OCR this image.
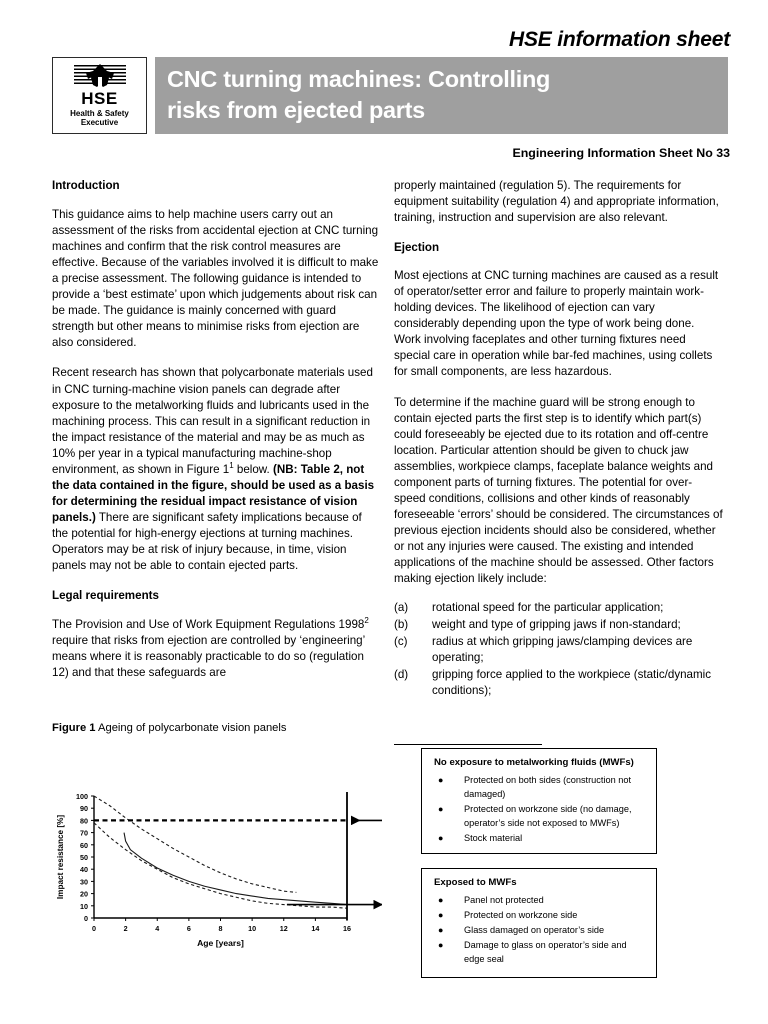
HSE information sheet
HSE
Health & Safety
Executive
CNC turning machines: Controlling
risks from ejected parts
Engineering Information Sheet No 33
Introduction

This guidance aims to help machine users carry out an assessment of the risks from accidental ejection at CNC turning machines and confirm that the risk control measures are effective. Because of the variables involved it is difficult to make a precise assessment. The following guidance is intended to provide a ‘best estimate’ upon which judgements about risk can be made. The guidance is mainly concerned with guard strength but other means to minimise risks from ejection are also considered.

Recent research has shown that polycarbonate materials used in CNC turning-machine vision panels can degrade after exposure to the metalworking fluids and lubricants used in the machining process. This can result in a significant reduction in the impact resistance of the material and may be as much as 10% per year in a typical manufacturing machine-shop environment, as shown in Figure $1^1$ below. (NB: Table 2, not the data contained in the figure, should be used as a basis for determining the residual impact resistance of vision panels.) There are significant safety implications because of the potential for high-energy ejections at turning machines. Operators may be at risk of injury because, in time, vision panels may not be able to contain ejected parts.

Legal requirements

The Provision and Use of Work Equipment Regulations 1998$^2$ require that risks from ejection are controlled by ‘engineering’ means where it is reasonably practicable to do so (regulation 12) and that these safeguards are

properly maintained (regulation 5). The requirements for equipment suitability (regulation 4) and appropriate information, training, instruction and supervision are also relevant.

Ejection

Most ejections at CNC turning machines are caused as a result of operator/setter error and failure to properly maintain work-holding devices. The likelihood of ejection can vary considerably depending upon the type of work being done. Work involving faceplates and other turning fixtures need special care in operation while bar-fed machines, using collets for small components, are less hazardous.

To determine if the machine guard will be strong enough to contain ejected parts the first step is to identify which part(s) could foreseeably be ejected due to its rotation and off-centre location. Particular attention should be given to chuck jaw assemblies, workpiece clamps, faceplate balance weights and component parts of turning fixtures. The potential for over-speed conditions, collisions and other kinds of reasonably foreseeable ‘errors’ should be considered. The circumstances of previous ejection incidents should also be considered, whether or not any injuries were caused. The existing and intended applications of the machine should be assessed. Other factors making ejection likely include:

(a)	rotational speed for the particular application;
(b)	weight and type of gripping jaws if non-standard;
(c)	radius at which gripping jaws/clamping devices are operating;
(d)	gripping force applied to the workpiece (static/dynamic conditions);
Figure 1 Ageing of polycarbonate vision panels
0
10
20
30
40
50
60
70
80
90
100
0	2	4	6	8	10	12	14	16
Age [years]
Impact resistance [%]
No exposure to metalworking fluids (MWFs)
●	Protected on both sides (construction not damaged)
●	Protected on workzone side (no damage, operator’s side not exposed to MWFs)
●	Stock material
Exposed to MWFs
●	Panel not protected
●	Protected on workzone side
●	Glass damaged on operator’s side
●	Damage to glass on operator’s side and edge seal
